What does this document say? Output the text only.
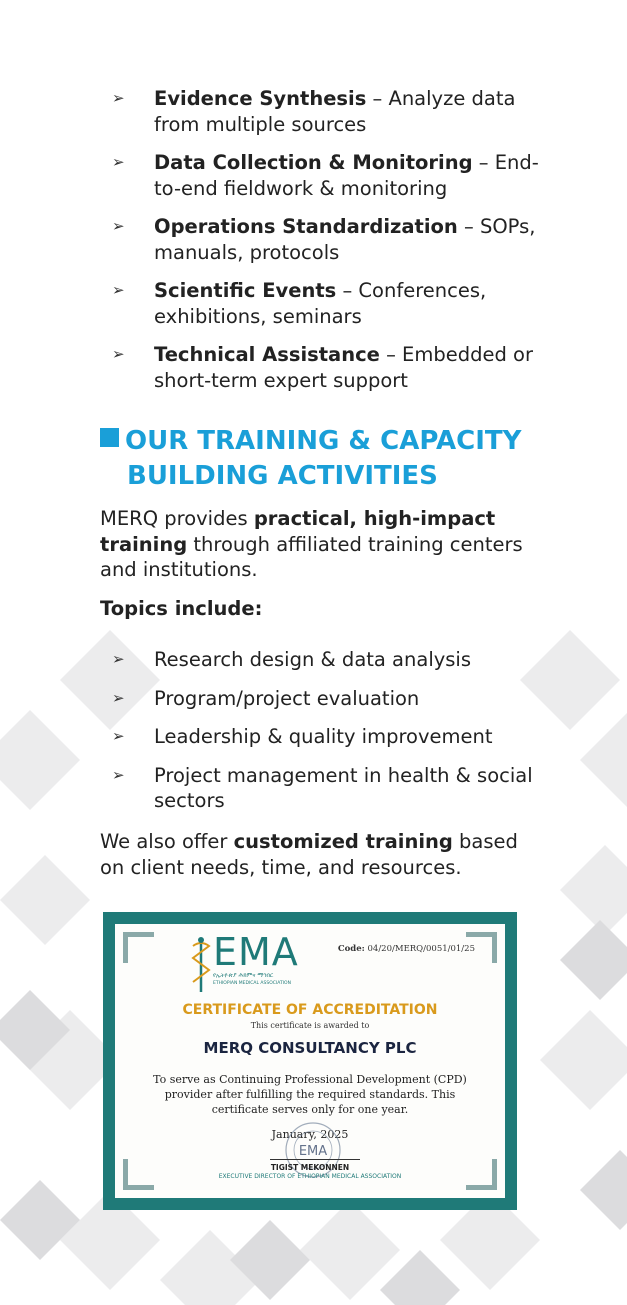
➢ Evidence Synthesis – Analyze data from multiple sources
➢ Data Collection & Monitoring – End-to-end fieldwork & monitoring
➢ Operations Standardization – SOPs, manuals, protocols
➢ Scientific Events – Conferences, exhibitions, seminars
➢ Technical Assistance – Embedded or short-term expert support
OUR TRAINING & CAPACITY
BUILDING ACTIVITIES

MERQ provides practical, high-impact training through affiliated training centers and institutions.

Topics include:

➢ Research design & data analysis
➢ Program/project evaluation
➢ Leadership & quality improvement
➢ Project management in health & social sectors

We also offer customized training based on client needs, time, and resources.

EMA
የኢትዮጵያ ሕክምና ማኅበር
ETHIOPIAN MEDICAL ASSOCIATION
Code: 04/20/MERQ/0051/01/25
CERTIFICATE OF ACCREDITATION
This certificate is awarded to
MERQ CONSULTANCY PLC
To serve as Continuing Professional Development (CPD) provider after fulfilling the required standards. This certificate serves only for one year.
January, 2025
EMA
TIGIST MEKONNEN
EXECUTIVE DIRECTOR OF ETHIOPIAN MEDICAL ASSOCIATION
